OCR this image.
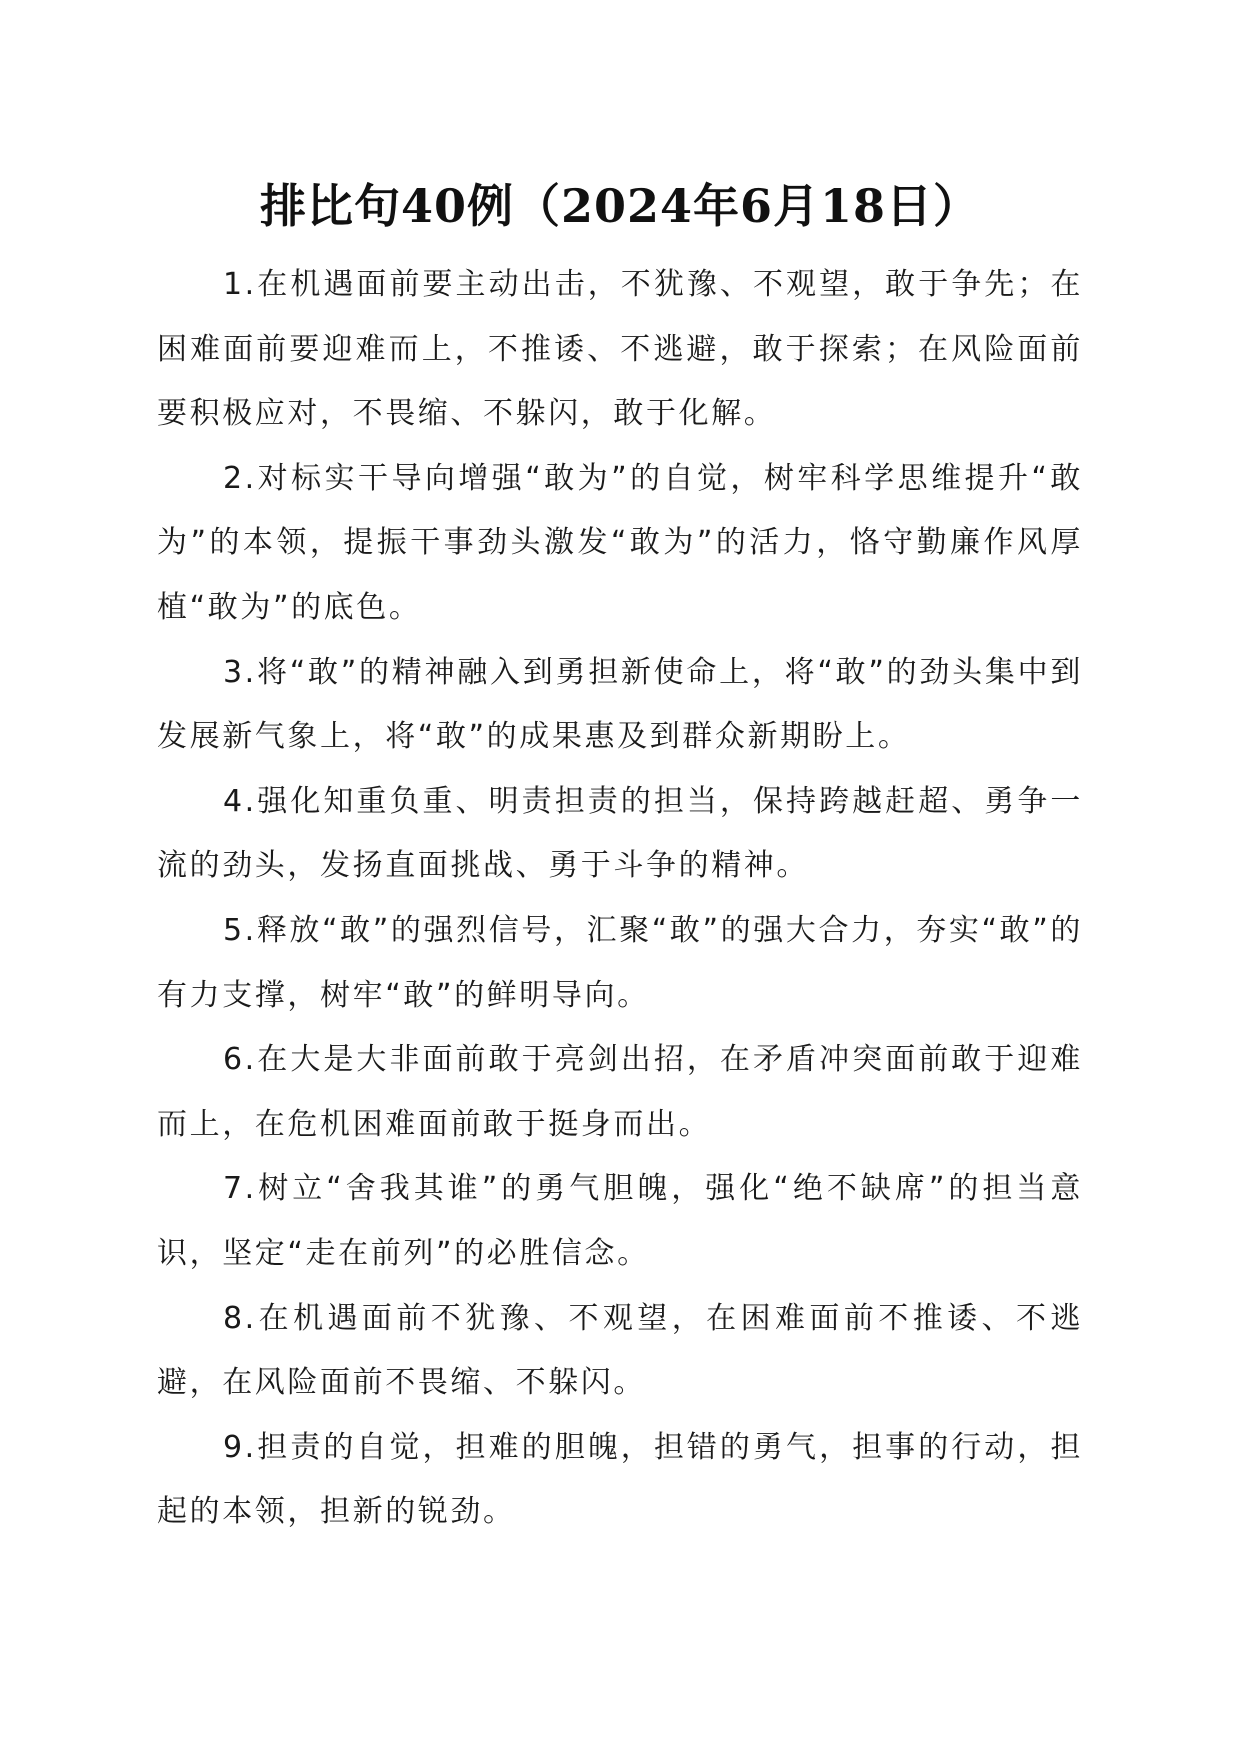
排比句40例（2024年6月18日）

1.在机遇面前要主动出击，不犹豫、不观望，敢于争先；在困难面前要迎难而上，不推诿、不逃避，敢于探索；在风险面前要积极应对，不畏缩、不躲闪，敢于化解。

2.对标实干导向增强“敢为”的自觉，树牢科学思维提升“敢为”的本领，提振干事劲头激发“敢为”的活力，恪守勤廉作风厚植“敢为”的底色。

3.将“敢”的精神融入到勇担新使命上，将“敢”的劲头集中到发展新气象上，将“敢”的成果惠及到群众新期盼上。

4.强化知重负重、明责担责的担当，保持跨越赶超、勇争一流的劲头，发扬直面挑战、勇于斗争的精神。

5.释放“敢”的强烈信号，汇聚“敢”的强大合力，夯实“敢”的有力支撑，树牢“敢”的鲜明导向。

6.在大是大非面前敢于亮剑出招，在矛盾冲突面前敢于迎难而上，在危机困难面前敢于挺身而出。

7.树立“舍我其谁”的勇气胆魄，强化“绝不缺席”的担当意识，坚定“走在前列”的必胜信念。

8.在机遇面前不犹豫、不观望，在困难面前不推诿、不逃避，在风险面前不畏缩、不躲闪。

9.担责的自觉，担难的胆魄，担错的勇气，担事的行动，担起的本领，担新的锐劲。
